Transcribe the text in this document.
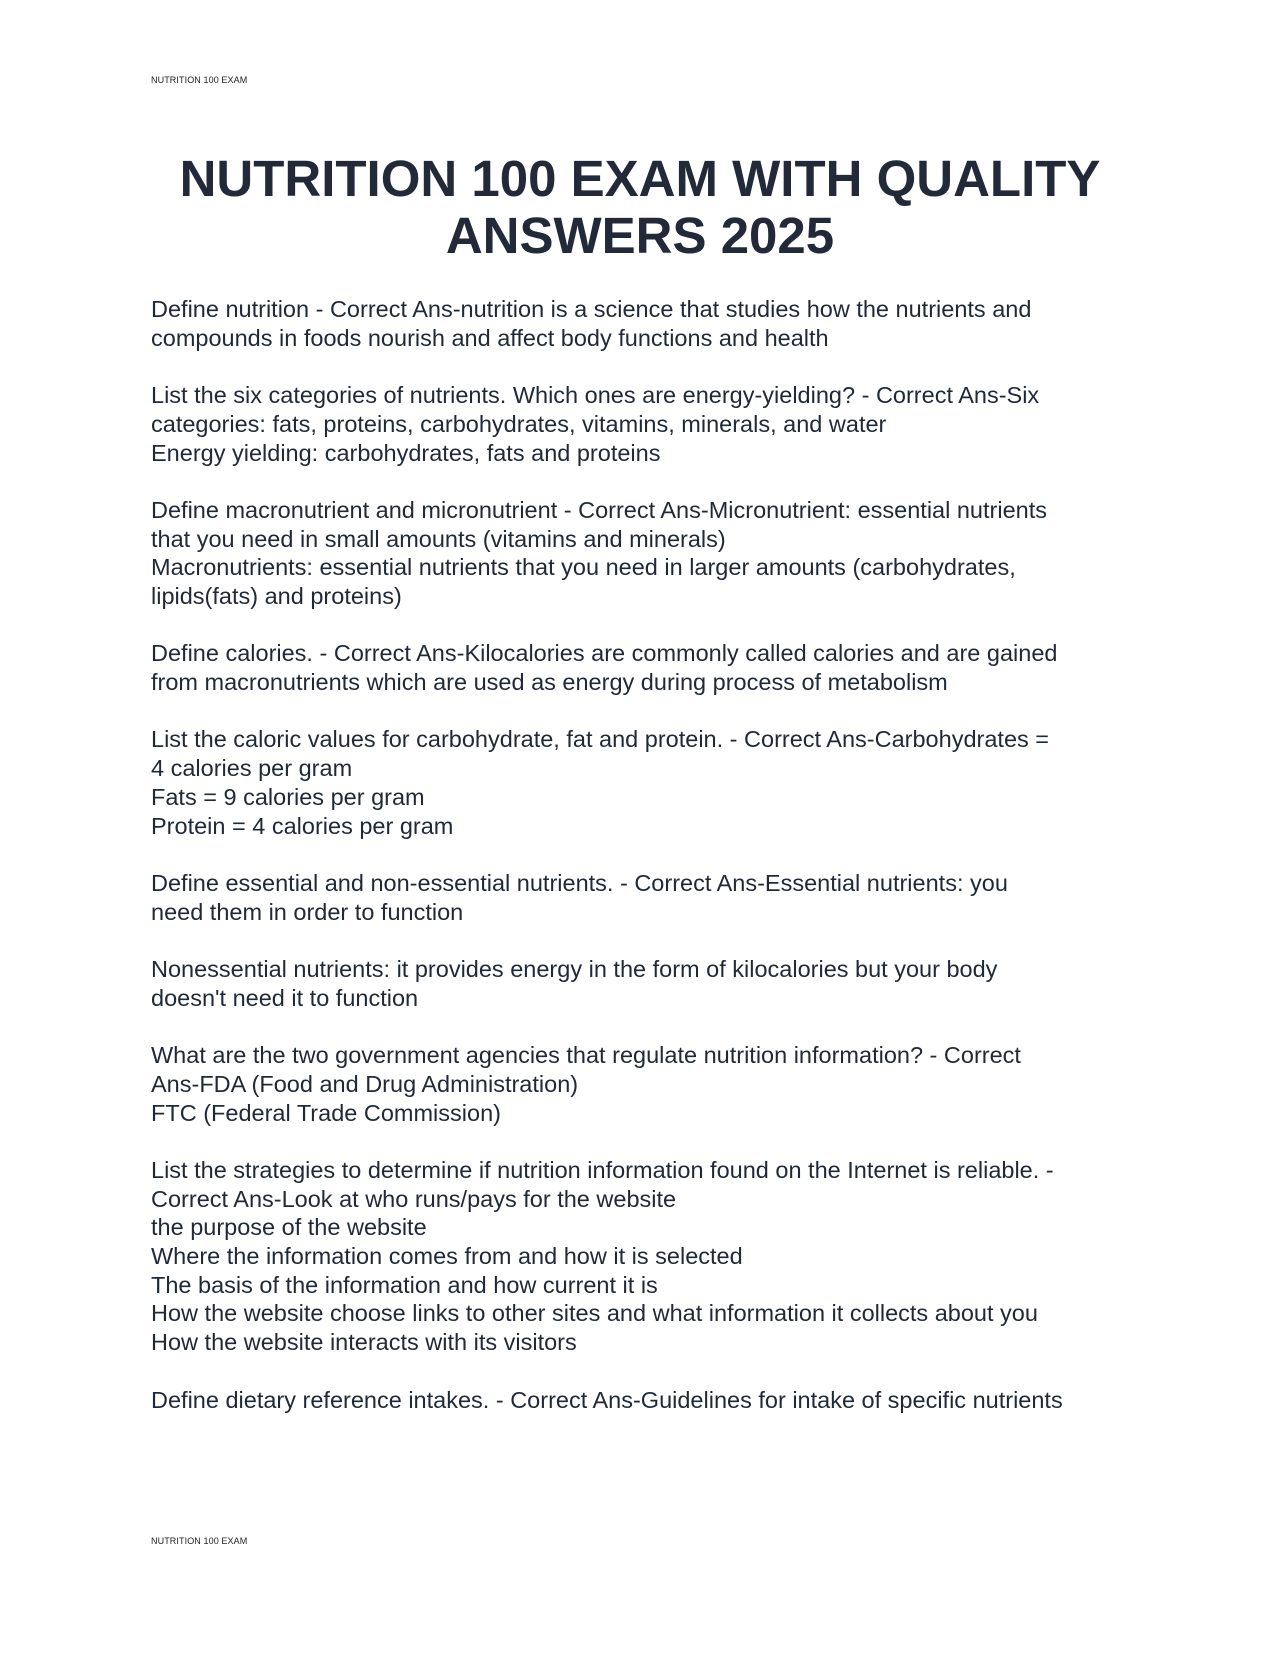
NUTRITION 100 EXAM
NUTRITION 100 EXAM WITH QUALITY
ANSWERS 2025
Define nutrition - Correct Ans-nutrition is a science that studies how the nutrients and
compounds in foods nourish and affect body functions and health
List the six categories of nutrients. Which ones are energy-yielding? - Correct Ans-Six
categories: fats, proteins, carbohydrates, vitamins, minerals, and water
Energy yielding: carbohydrates, fats and proteins
Define macronutrient and micronutrient - Correct Ans-Micronutrient: essential nutrients
that you need in small amounts (vitamins and minerals)
Macronutrients: essential nutrients that you need in larger amounts (carbohydrates,
lipids(fats) and proteins)
Define calories. - Correct Ans-Kilocalories are commonly called calories and are gained
from macronutrients which are used as energy during process of metabolism
List the caloric values for carbohydrate, fat and protein. - Correct Ans-Carbohydrates =
4 calories per gram
Fats = 9 calories per gram
Protein = 4 calories per gram
Define essential and non-essential nutrients. - Correct Ans-Essential nutrients: you
need them in order to function
Nonessential nutrients: it provides energy in the form of kilocalories but your body
doesn't need it to function
What are the two government agencies that regulate nutrition information? - Correct
Ans-FDA (Food and Drug Administration)
FTC (Federal Trade Commission)
List the strategies to determine if nutrition information found on the Internet is reliable. -
Correct Ans-Look at who runs/pays for the website
the purpose of the website
Where the information comes from and how it is selected
The basis of the information and how current it is
How the website choose links to other sites and what information it collects about you
How the website interacts with its visitors
Define dietary reference intakes. - Correct Ans-Guidelines for intake of specific nutrients
NUTRITION 100 EXAM
